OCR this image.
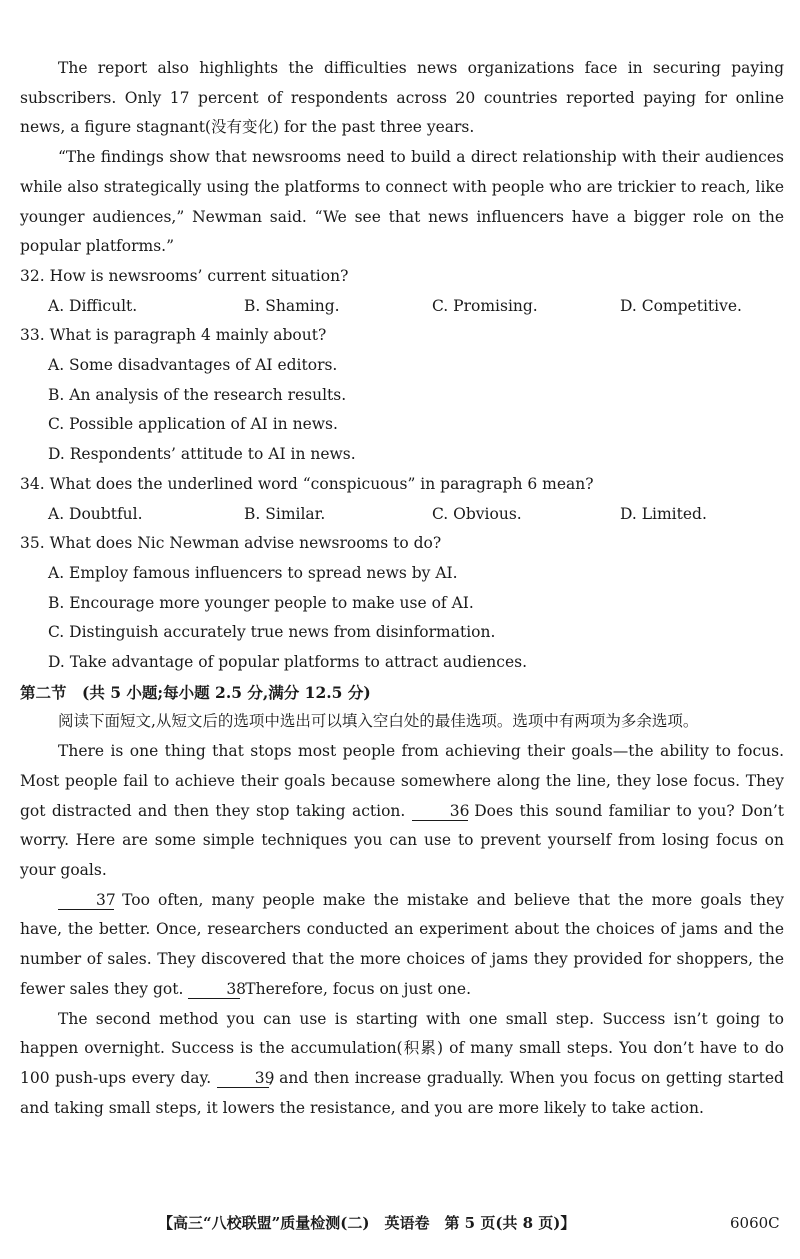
The report also highlights the difficulties news organizations face in securing paying subscribers. Only 17 percent of respondents across 20 countries reported paying for online news, a figure stagnant(没有变化) for the past three years.

“The findings show that newsrooms need to build a direct relationship with their audiences while also strategically using the platforms to connect with people who are trickier to reach, like younger audiences,” Newman said. “We see that news influencers have a bigger role on the popular platforms.”

32. How is newsrooms’ current situation?
A. Difficult.	B. Shaming.	C. Promising.	D. Competitive.
33. What is paragraph 4 mainly about?
A. Some disadvantages of AI editors.
B. An analysis of the research results.
C. Possible application of AI in news.
D. Respondents’ attitude to AI in news.
34. What does the underlined word “conspicuous” in paragraph 6 mean?
A. Doubtful.	B. Similar.	C. Obvious.	D. Limited.
35. What does Nic Newman advise newsrooms to do?
A. Employ famous influencers to spread news by AI.
B. Encourage more younger people to make use of AI.
C. Distinguish accurately true news from disinformation.
D. Take advantage of popular platforms to attract audiences.
第二节　(共 5 小题;每小题 2.5 分,满分 12.5 分)

阅读下面短文,从短文后的选项中选出可以填入空白处的最佳选项。选项中有两项为多余选项。

There is one thing that stops most people from achieving their goals—the ability to focus. Most people fail to achieve their goals because somewhere along the line, they lose focus. They got distracted and then they stop taking action.	36 Does this sound familiar to you? Don’t worry. Here are some simple techniques you can use to prevent yourself from losing focus on your goals.

37 Too often, many people make the mistake and believe that the more goals they have, the better. Once, researchers conducted an experiment about the choices of jams and the number of sales. They discovered that the more choices of jams they provided for shoppers, the fewer sales they got.	38 Therefore, focus on just one.

The second method you can use is starting with one small step. Success isn’t going to happen overnight. Success is the accumulation(积累) of many small steps. You don’t have to do 100 push-ups every day.	39, and then increase gradually. When you focus on getting started and taking small steps, it lowers the resistance, and you are more likely to take action.

【高三“八校联盟”质量检测(二)　英语卷　第 5 页(共 8 页)】	6060C
